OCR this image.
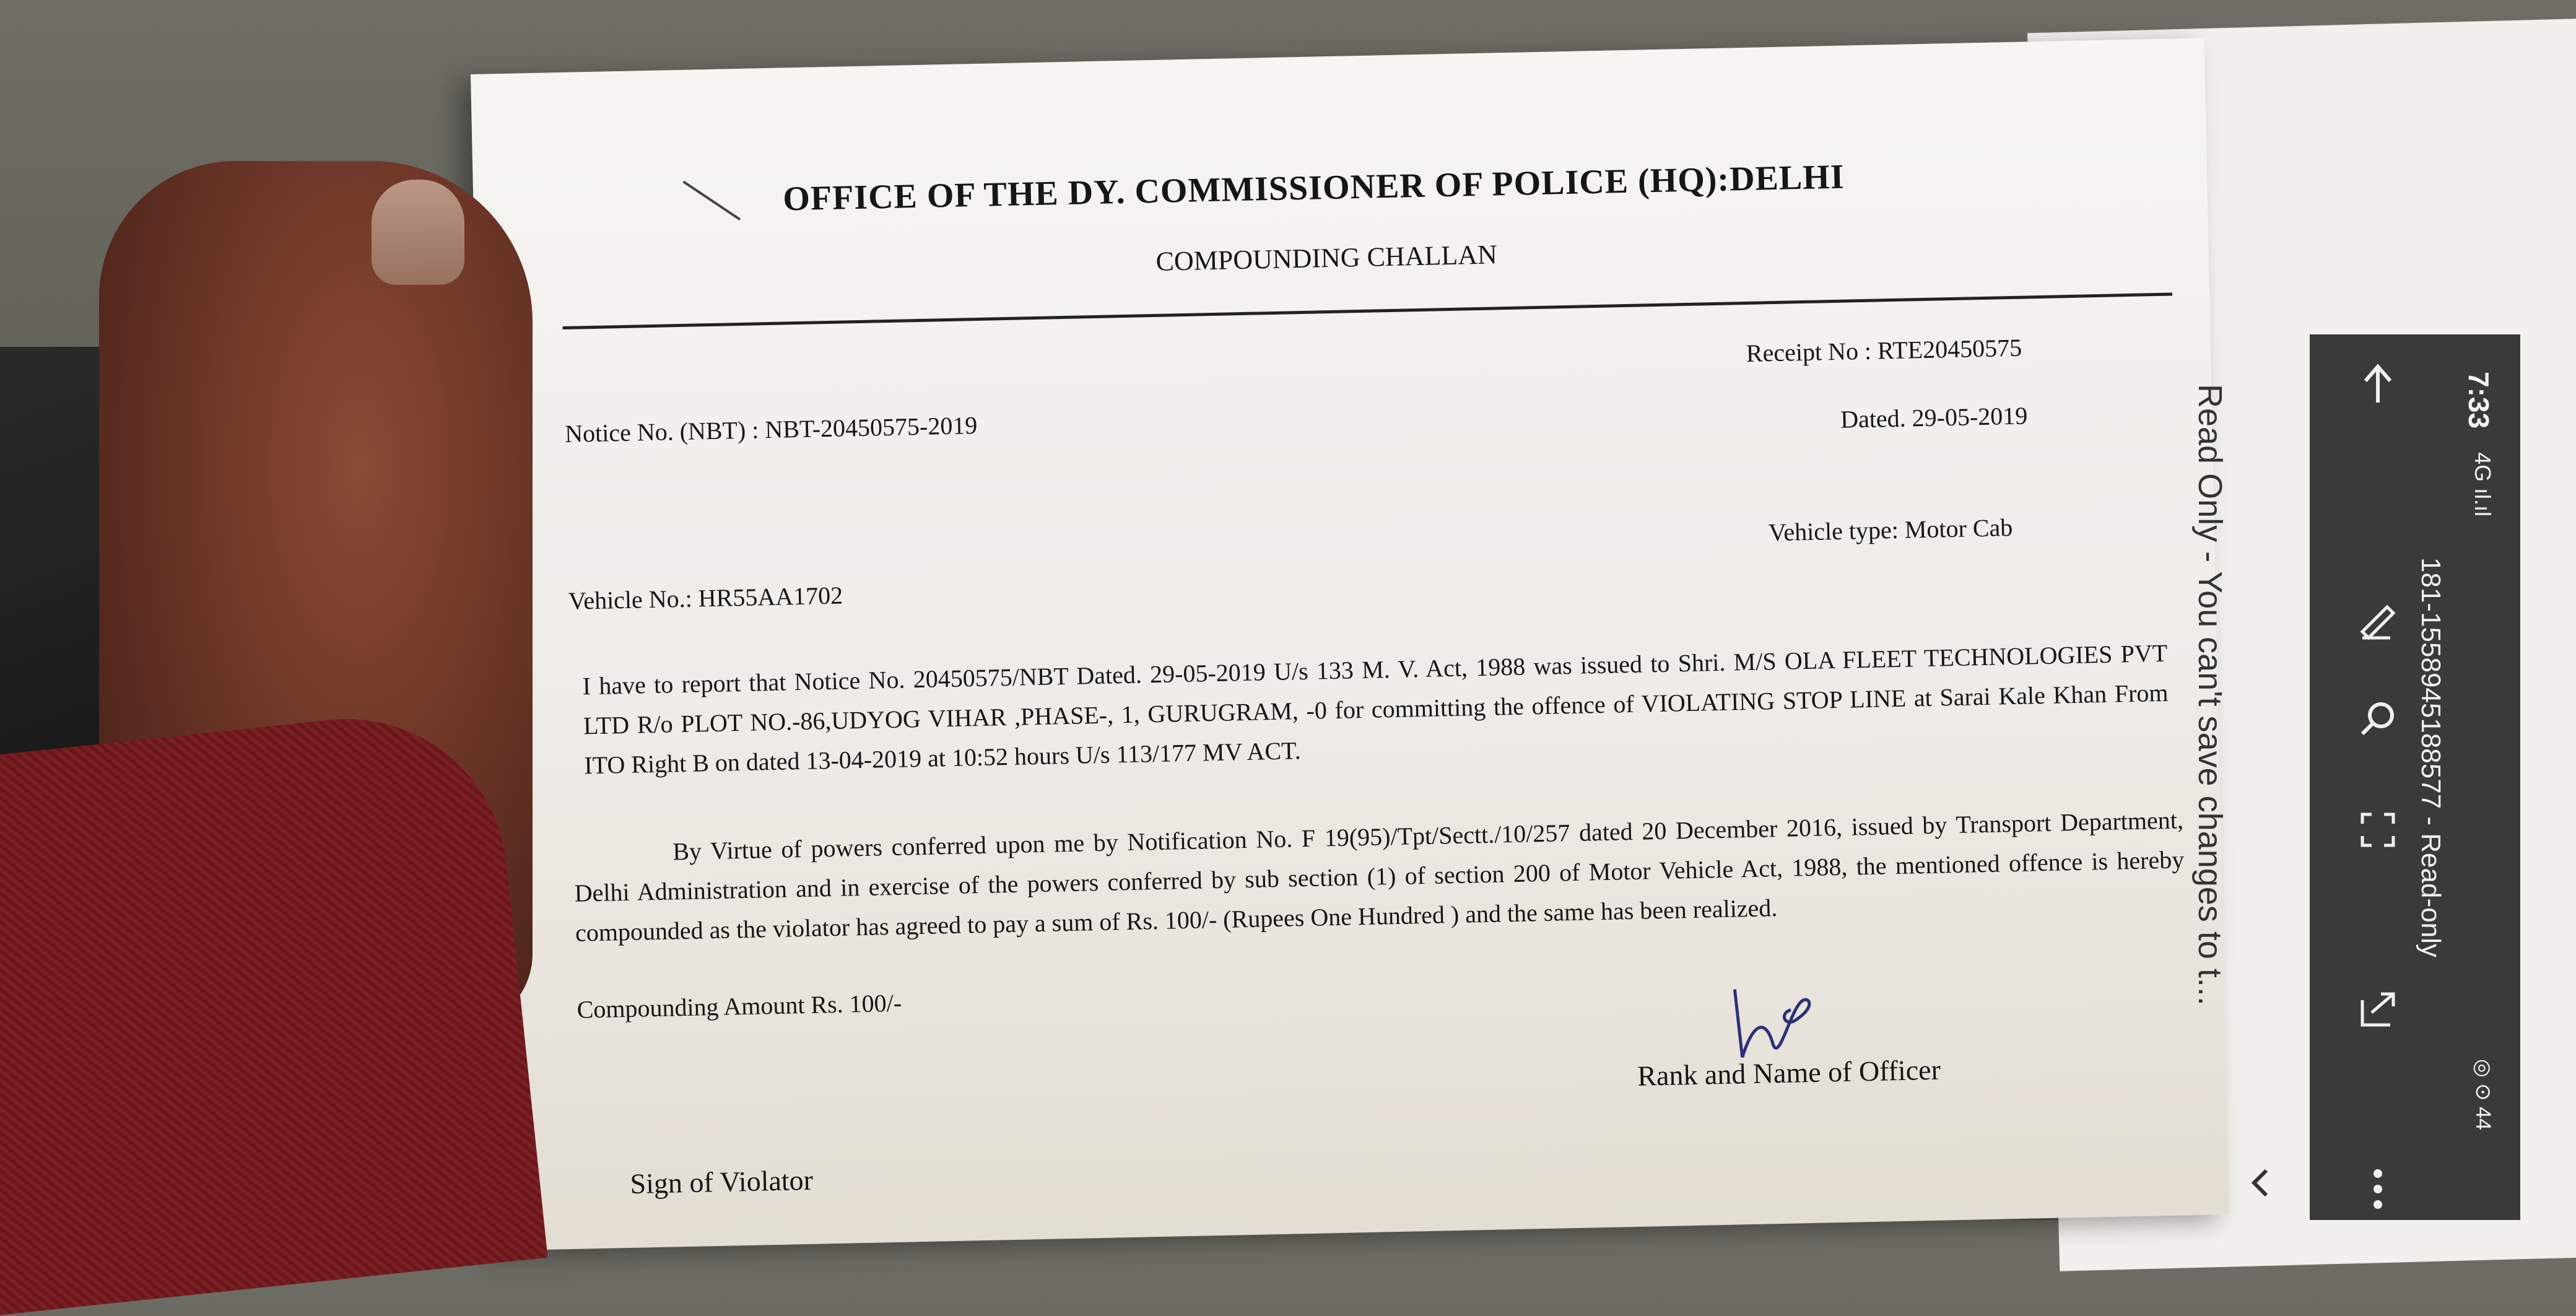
OFFICE OF THE DY. COMMISSIONER OF POLICE (HQ):DELHI
COMPOUNDING CHALLAN
Receipt No : RTE20450575
Notice No. (NBT) : NBT-20450575-2019	Dated. 29-05-2019
Vehicle type: Motor Cab
Vehicle No.: HR55AA1702
I have to report that Notice No. 20450575/NBT Dated. 29-05-2019 U/s 133 M. V. Act, 1988 was issued to Shri. M/S OLA FLEET TECHNOLOGIES PVT LTD R/o PLOT NO.-86,UDYOG VIHAR ,PHASE-, 1, GURUGRAM, -0 for committing the offence of VIOLATING STOP LINE at Sarai Kale Khan From ITO Right B on dated 13-04-2019 at 10:52 hours U/s 113/177 MV ACT.
By Virtue of powers conferred upon me by Notification No. F 19(95)/Tpt/Sectt./10/257 dated 20 December 2016, issued by Transport Department, Delhi Administration and in exercise of the powers conferred by sub section (1) of section 200 of Motor Vehicle Act, 1988, the mentioned offence is hereby compounded as the violator has agreed to pay a sum of Rs. 100/- (Rupees One Hundred ) and the same has been realized.
Compounding Amount Rs. 100/-
Rank and Name of Officer
Sign of Violator
Read Only - You can't save changes to t...	7:33
4G ıl.ıl
181-1558945188577 - Read-only
◎ ⊙ 44
